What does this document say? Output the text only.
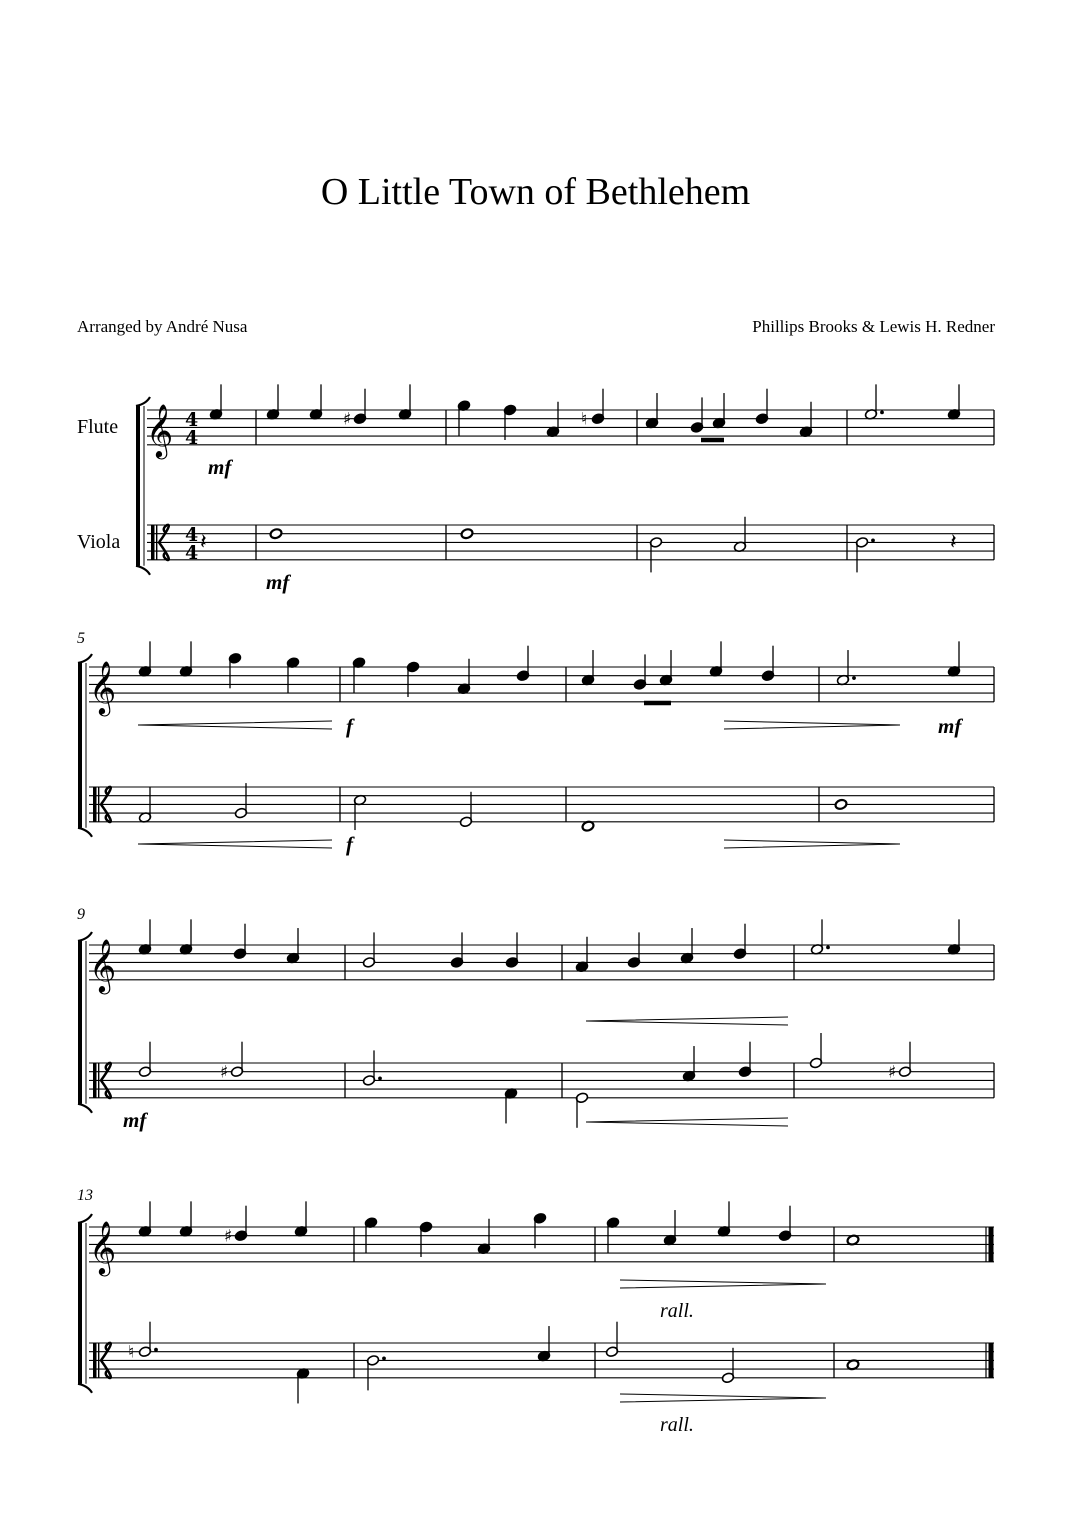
O Little Town of Bethlehem
Arranged by André Nusa	Phillips Brooks & Lewis H. Redner
Flute
Viola
5
9
13
mf
mf
f	mf
f
mf
rall.
rall.
𝄞 4
4
4
4
♯	♮
𝄽	𝄽
𝄞
𝄞
♯	♯
𝄞	♯
♮
